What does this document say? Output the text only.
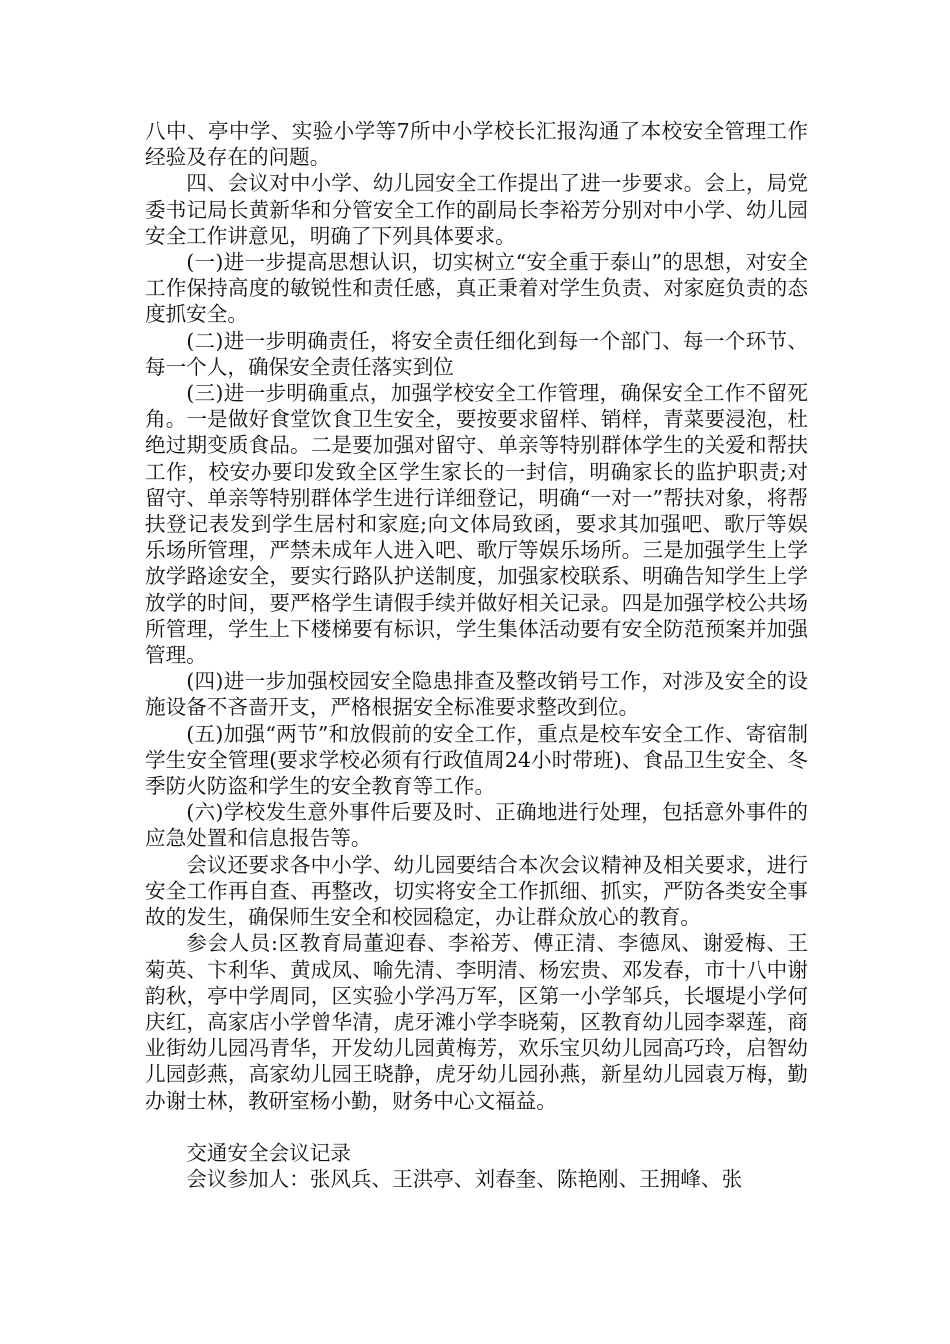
八中、亭中学、实验小学等7所中小学校长汇报沟通了本校安全管理工作经验及存在的问题。

四、会议对中小学、幼儿园安全工作提出了进一步要求。会上，局党委书记局长黄新华和分管安全工作的副局长李裕芳分别对中小学、幼儿园安全工作讲意见，明确了下列具体要求。

(一)进一步提高思想认识，切实树立“安全重于泰山”的思想，对安全工作保持高度的敏锐性和责任感，真正秉着对学生负责、对家庭负责的态度抓安全。

(二)进一步明确责任，将安全责任细化到每一个部门、每一个环节、每一个人，确保安全责任落实到位

(三)进一步明确重点，加强学校安全工作管理，确保安全工作不留死角。一是做好食堂饮食卫生安全，要按要求留样、销样，青菜要浸泡，杜绝过期变质食品。二是要加强对留守、单亲等特别群体学生的关爱和帮扶工作，校安办要印发致全区学生家长的一封信，明确家长的监护职责;对留守、单亲等特别群体学生进行详细登记，明确“一对一”帮扶对象，将帮扶登记表发到学生居村和家庭;向文体局致函，要求其加强吧、歌厅等娱乐场所管理，严禁未成年人进入吧、歌厅等娱乐场所。三是加强学生上学放学路途安全，要实行路队护送制度，加强家校联系、明确告知学生上学放学的时间，要严格学生请假手续并做好相关记录。四是加强学校公共场所管理，学生上下楼梯要有标识，学生集体活动要有安全防范预案并加强管理。

(四)进一步加强校园安全隐患排查及整改销号工作，对涉及安全的设施设备不吝啬开支，严格根据安全标准要求整改到位。

(五)加强“两节”和放假前的安全工作，重点是校车安全工作、寄宿制学生安全管理(要求学校必须有行政值周24小时带班)、食品卫生安全、冬季防火防盗和学生的安全教育等工作。

(六)学校发生意外事件后要及时、正确地进行处理，包括意外事件的应急处置和信息报告等。

会议还要求各中小学、幼儿园要结合本次会议精神及相关要求，进行安全工作再自查、再整改，切实将安全工作抓细、抓实，严防各类安全事故的发生，确保师生安全和校园稳定，办让群众放心的教育。

参会人员:区教育局董迎春、李裕芳、傅正清、李德凤、谢爱梅、王菊英、卞利华、黄成凤、喻先清、李明清、杨宏贵、邓发春，市十八中谢韵秋，亭中学周同，区实验小学冯万军，区第一小学邹兵，长堰堤小学何庆红，高家店小学曾华清，虎牙滩小学李晓菊，区教育幼儿园李翠莲，商业街幼儿园冯青华，开发幼儿园黄梅芳，欢乐宝贝幼儿园高巧玲，启智幼儿园彭燕，高家幼儿园王晓静，虎牙幼儿园孙燕，新星幼儿园袁万梅，勤办谢士林，教研室杨小勤，财务中心文福益。

交通安全会议记录

会议参加人：张风兵、王洪亭、刘春奎、陈艳刚、王拥峰、张
